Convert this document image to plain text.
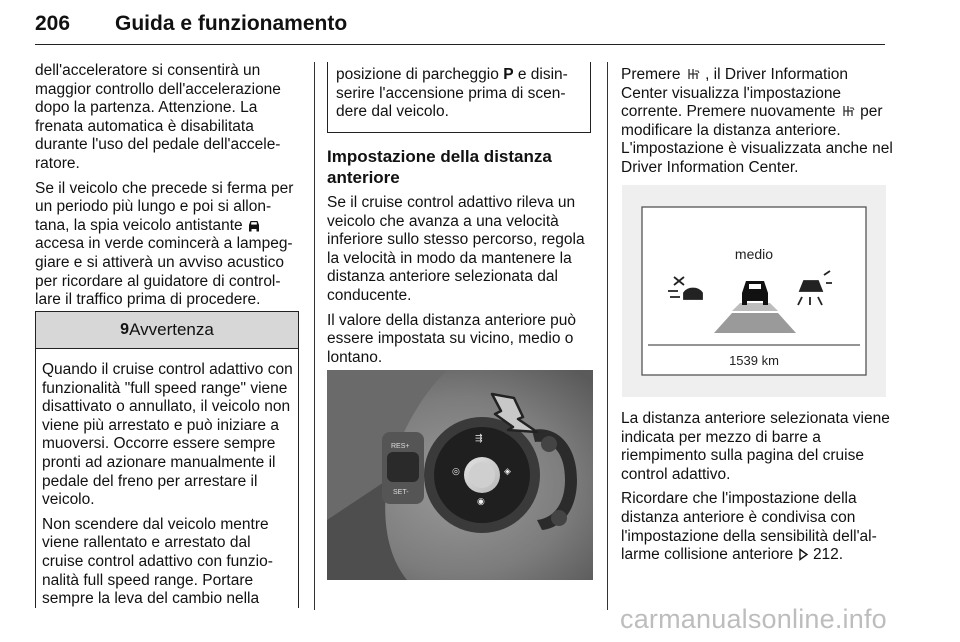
206 Guida e funzionamento

dell'acceleratore si consentirà un maggior controllo dell'accelerazione dopo la partenza. Attenzione. La frenata automatica è disabilitata durante l'uso del pedale dell'accele-ratore.

Se il veicolo che precede si ferma per un periodo più lungo e poi si allon-tana, la spia veicolo antistante  accesa in verde comincerà a lampeg-giare e si attiverà un avviso acustico per ricordare al guidatore di control-lare il traffico prima di procedere.

9 Avvertenza

Quando il cruise control adattivo con funzionalità "full speed range" viene disattivato o annullato, il veicolo non viene più arrestato e può iniziare a muoversi. Occorre essere sempre pronti ad azionare manualmente il pedale del freno per arrestare il veicolo.

Non scendere dal veicolo mentre viene rallentato e arrestato dal cruise control adattivo con funzio-nalità full speed range. Portare sempre la leva del cambio nella

posizione di parcheggio P e disin-serire l'accensione prima di scen-dere dal veicolo.
Impostazione della distanza anteriore

Se il cruise control adattivo rileva un veicolo che avanza a una velocità inferiore sullo stesso percorso, regola la velocità in modo da mantenere la distanza anteriore selezionata dal conducente.

Il valore della distanza anteriore può essere impostata su vicino, medio o lontano.

RES+
SET-
⇶
◎	◈
◉
Premere , il Driver Information Center visualizza l'impostazione corrente. Premere nuovamente per modificare la distanza anteriore. L'impostazione è visualizzata anche nel Driver Information Center.
medio
1539 km

La distanza anteriore selezionata viene indicata per mezzo di barre a riempimento sulla pagina del cruise control adattivo.

Ricordare che l'impostazione della distanza anteriore è condivisa con l'impostazione della sensibilità dell'al-larme collisione anteriore 212.

carmanualsonline.info
